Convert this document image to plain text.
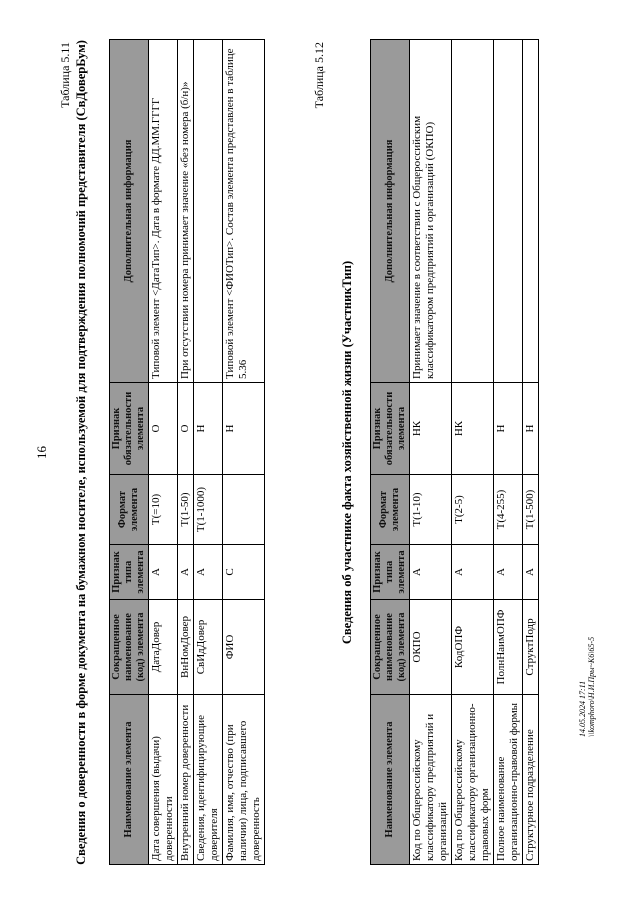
16
Таблица 5.11 Сведения о доверенности в форме документа на бумажном носителе, используемой для подтверждения полномочий представителя (СвДоверБум)	Наименование элемента	Сокращенное наименование (код) элемента	Признак типа элемента	Формат элемента	Признак обязательности элемента	Дополнительная информация
Дата совершения (выдачи) доверенности	ДатаДовер	А	T(=10)	О	Типовой элемент <ДатаТип>. Дата в формате ДД.ММ.ГГГГ
Внутренний номер доверенности	ВнНомДовер	А	T(1-50)	О	При отсутствии номера принимает значение «без номера (б/н)»
Сведения, идентифицирующие доверителя	СвИдДовер	А	T(1-1000)	Н	
Фамилия, имя, отчество (при наличии) лица, подписавшего доверенность	ФИО	С		Н	Типовой элемент <ФИОТип>. Состав элемента представлен в таблице 5.36
Таблица 5.12
Сведения об участнике факта хозяйственной жизни (УчастникТип)
Наименование элемента	Сокращенное наименование (код) элемента	Признак типа элемента	Формат элемента	Признак обязательности элемента	Дополнительная информация
Код по Общероссийскому классификатору предприятий и организаций	ОКПО	А	T(1-10)	НК	Принимает значение в соответствии с Общероссийским классификатором предприятий и организаций (ОКПО)
Код по Общероссийскому классификатору организационно-правовых форм	КодОПФ	А	T(2-5)	НК	
Полное наименование организационно-правовой формы	ПолнНаимОПФ	А	T(4-255)	Н	
Структурное подразделение	СтруктПодр	А	T(1-500)	Н	
14.05.2024 17:11 \\komphoro\Н.И.Пры~К6\65-5
